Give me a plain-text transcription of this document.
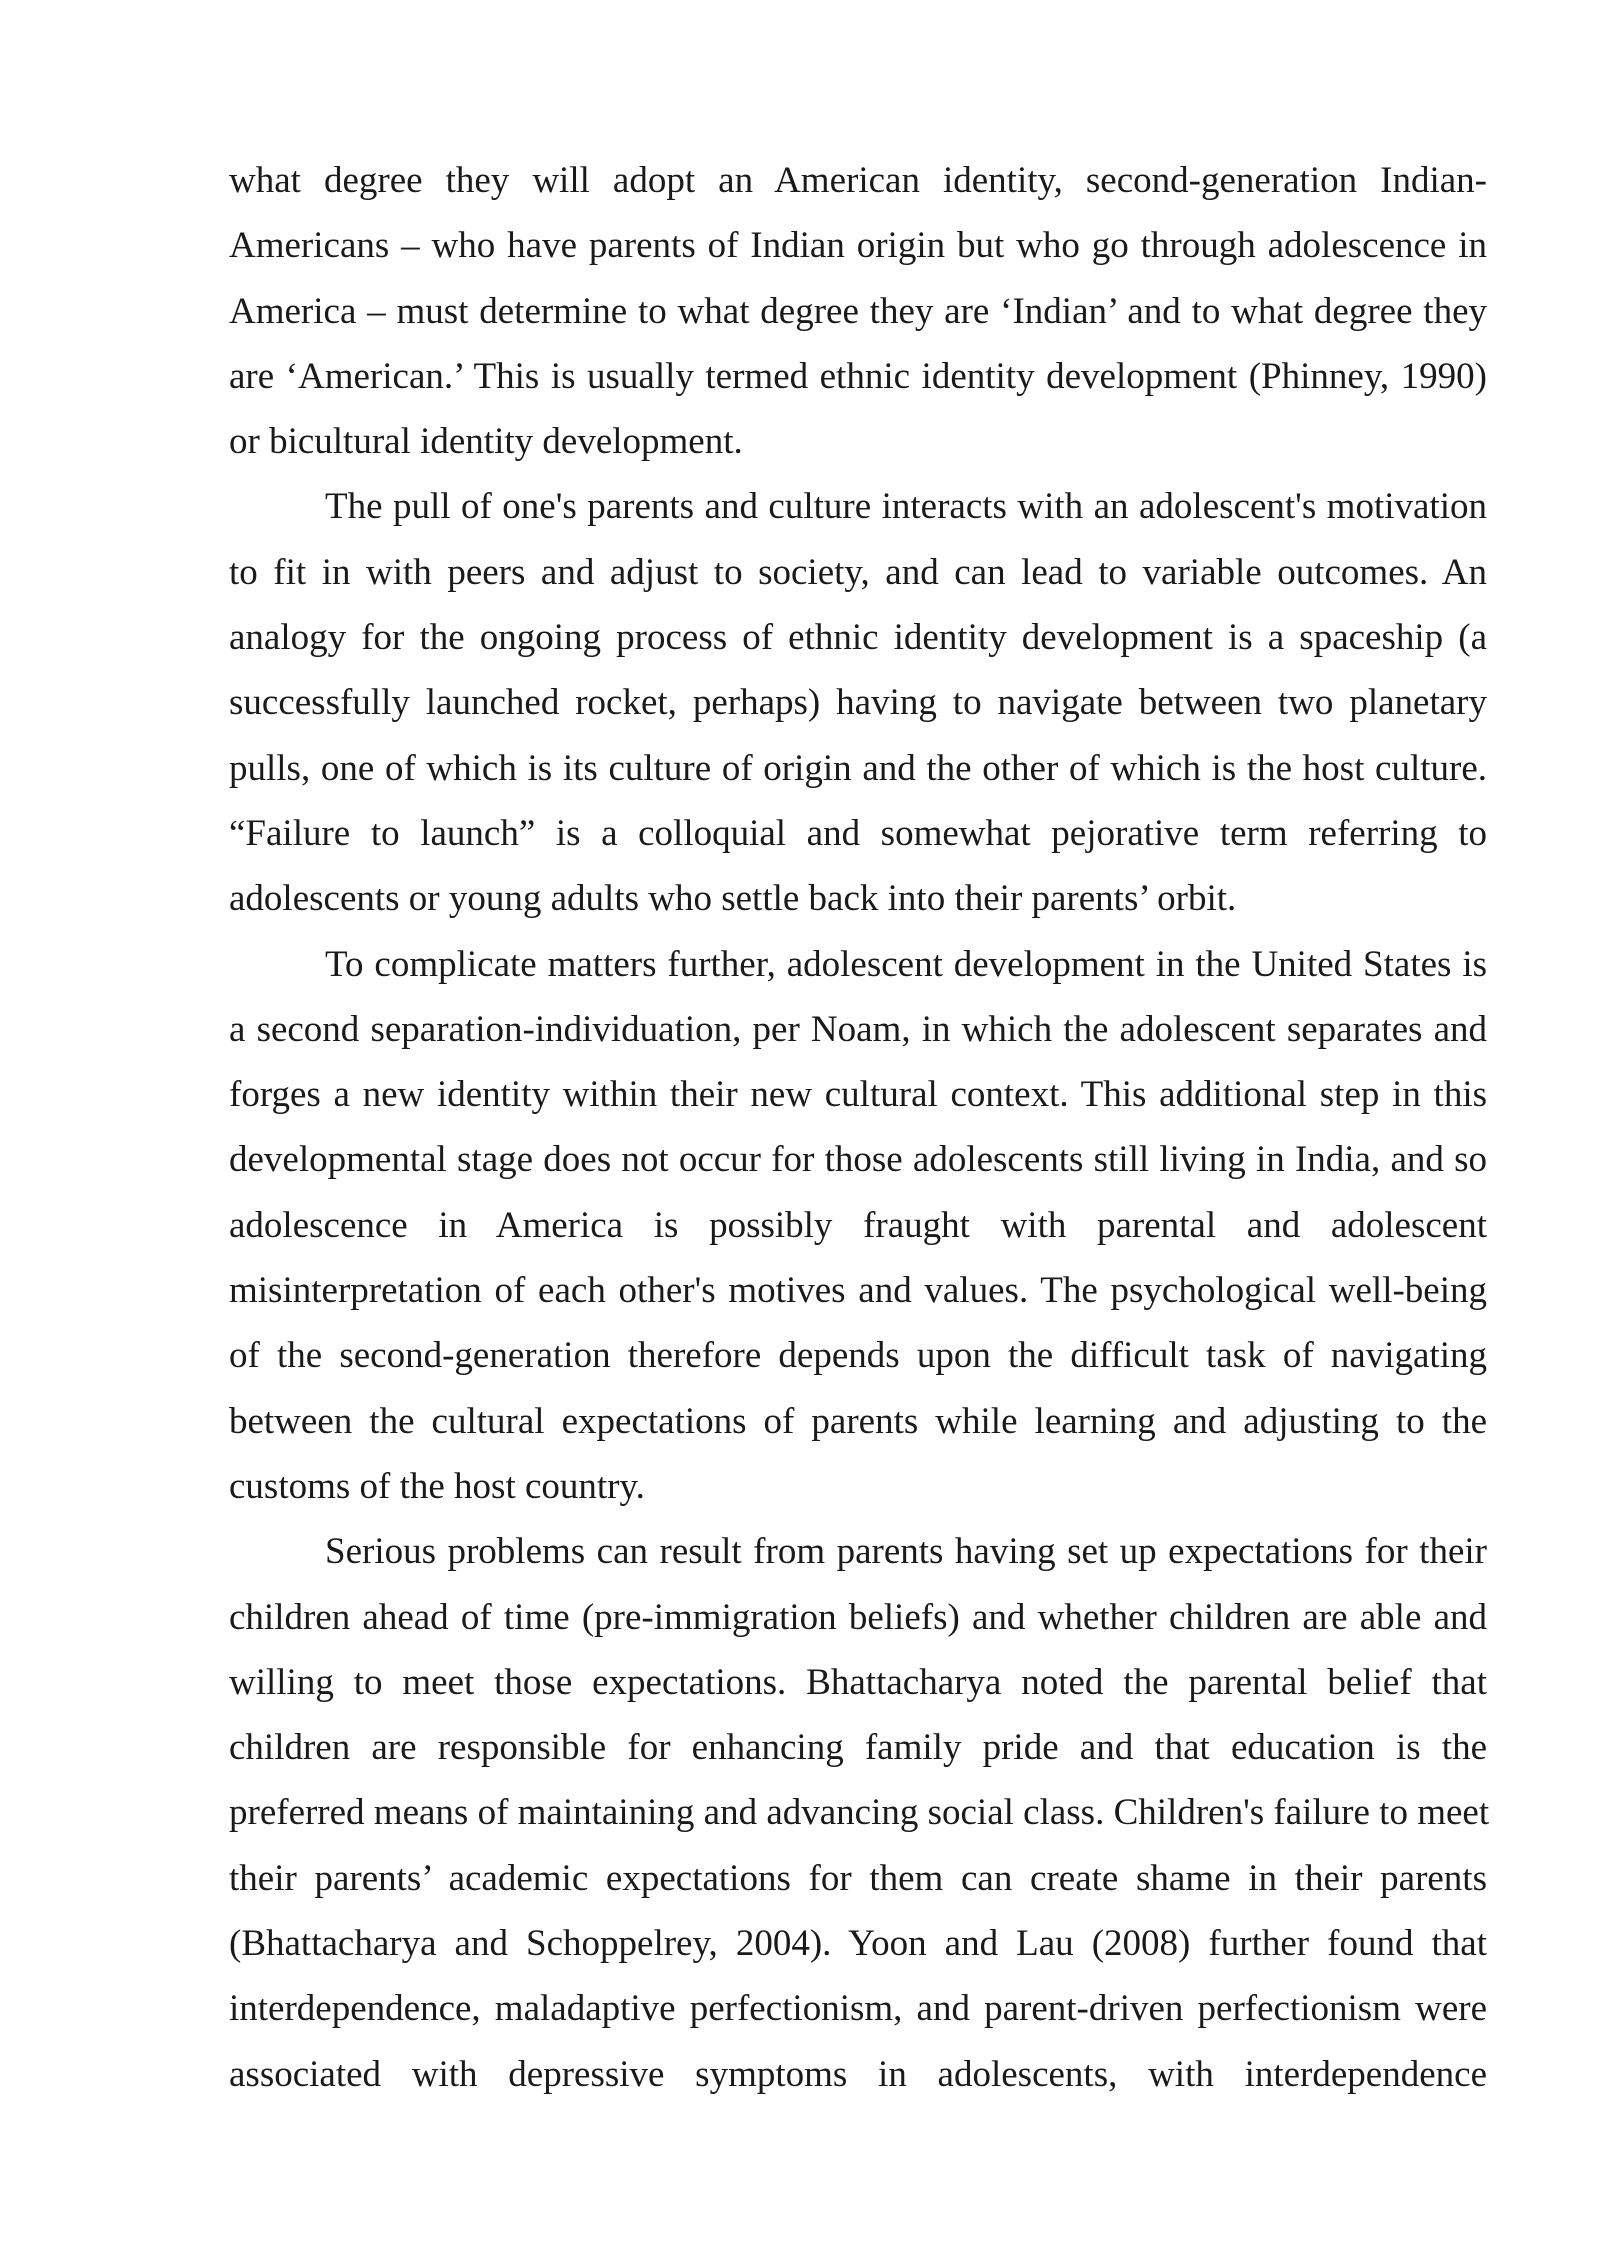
what degree they will adopt an American identity, second-generation Indian-
Americans – who have parents of Indian origin but who go through adolescence in
America – must determine to what degree they are ‘Indian’ and to what degree they
are ‘American.’ This is usually termed ethnic identity development (Phinney, 1990)
or bicultural identity development.
The pull of one's parents and culture interacts with an adolescent's motivation
to fit in with peers and adjust to society, and can lead to variable outcomes. An
analogy for the ongoing process of ethnic identity development is a spaceship (a
successfully launched rocket, perhaps) having to navigate between two planetary
pulls, one of which is its culture of origin and the other of which is the host culture.
“Failure to launch” is a colloquial and somewhat pejorative term referring to
adolescents or young adults who settle back into their parents’ orbit.
To complicate matters further, adolescent development in the United States is
a second separation-individuation, per Noam, in which the adolescent separates and
forges a new identity within their new cultural context. This additional step in this
developmental stage does not occur for those adolescents still living in India, and so
adolescence in America is possibly fraught with parental and adolescent
misinterpretation of each other's motives and values. The psychological well-being
of the second-generation therefore depends upon the difficult task of navigating
between the cultural expectations of parents while learning and adjusting to the
customs of the host country.
Serious problems can result from parents having set up expectations for their
children ahead of time (pre-immigration beliefs) and whether children are able and
willing to meet those expectations. Bhattacharya noted the parental belief that
children are responsible for enhancing family pride and that education is the
preferred means of maintaining and advancing social class. Children's failure to meet
their parents’ academic expectations for them can create shame in their parents
(Bhattacharya and Schoppelrey, 2004). Yoon and Lau (2008) further found that
interdependence, maladaptive perfectionism, and parent-driven perfectionism were
associated with depressive symptoms in adolescents, with interdependence
